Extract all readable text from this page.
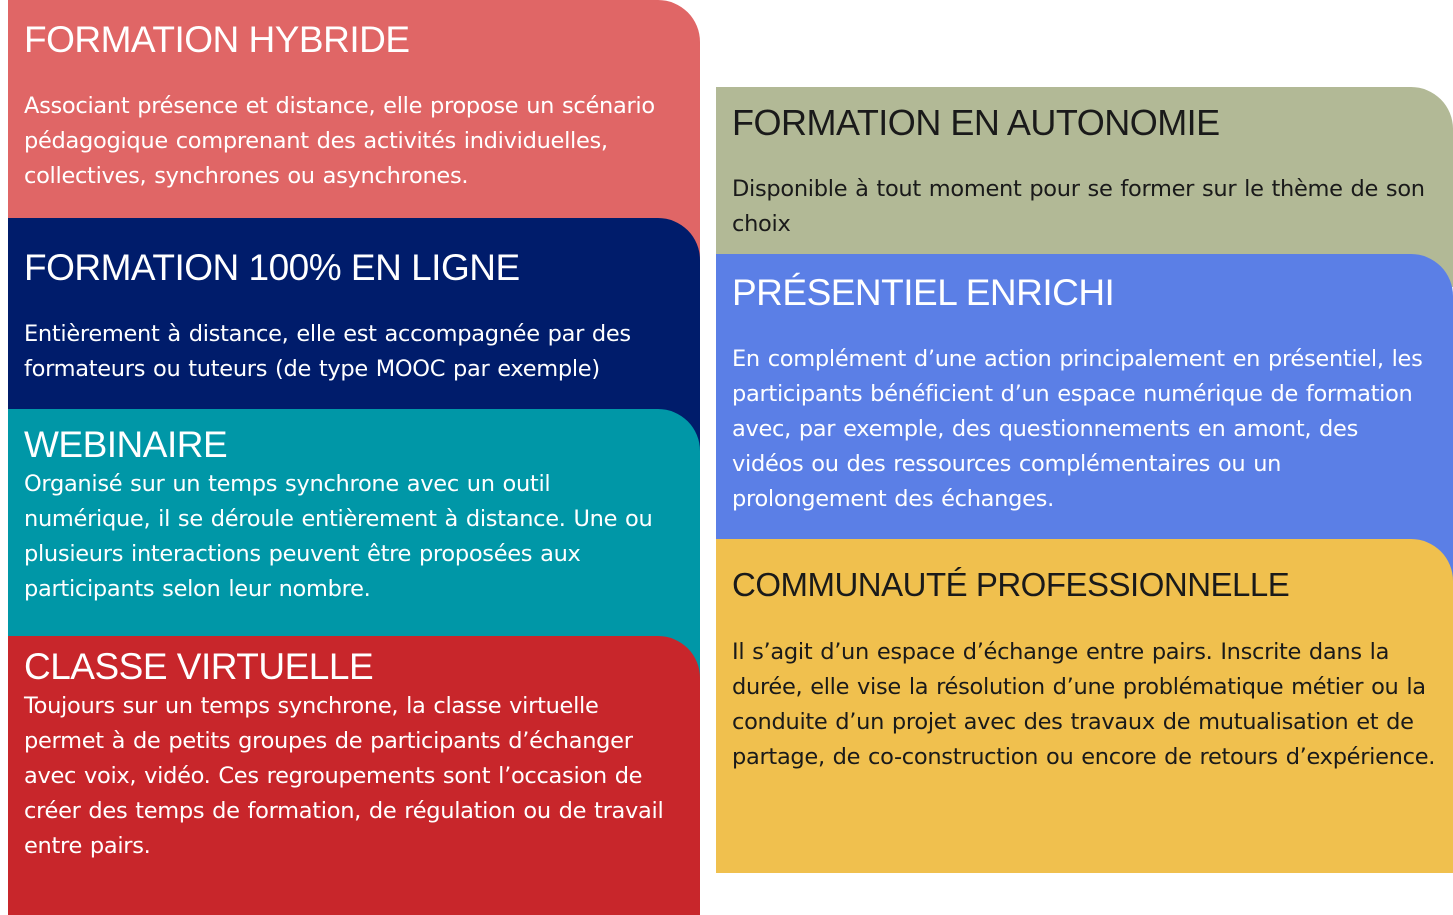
FORMATION HYBRIDE

Associant présence et distance, elle propose un scénario pédagogique comprenant des activités individuelles, collectives, synchrones ou asynchrones.

FORMATION 100% EN LIGNE

Entièrement à distance, elle est accompagnée par des formateurs ou tuteurs (de type MOOC par exemple)

WEBINAIRE

Organisé sur un temps synchrone avec un outil numérique, il se déroule entièrement à distance. Une ou plusieurs interactions peuvent être proposées aux participants selon leur nombre.

CLASSE VIRTUELLE

Toujours sur un temps synchrone, la classe virtuelle permet à de petits groupes de participants d’échanger avec voix, vidéo. Ces regroupements sont l’occasion de créer des temps de formation, de régulation ou de travail entre pairs.

FORMATION EN AUTONOMIE

Disponible à tout moment pour se former sur le thème de son choix

PRÉSENTIEL ENRICHI

En complément d’une action principalement en présentiel, les participants bénéficient d’un espace numérique de formation avec, par exemple, des questionnements en amont, des vidéos ou des ressources complémentaires ou un prolongement des échanges.

COMMUNAUTÉ PROFESSIONNELLE

Il s’agit d’un espace d’échange entre pairs. Inscrite dans la durée, elle vise la résolution d’une problématique métier ou la conduite d’un projet avec des travaux de mutualisation et de partage, de co-construction ou encore de retours d’expérience.
